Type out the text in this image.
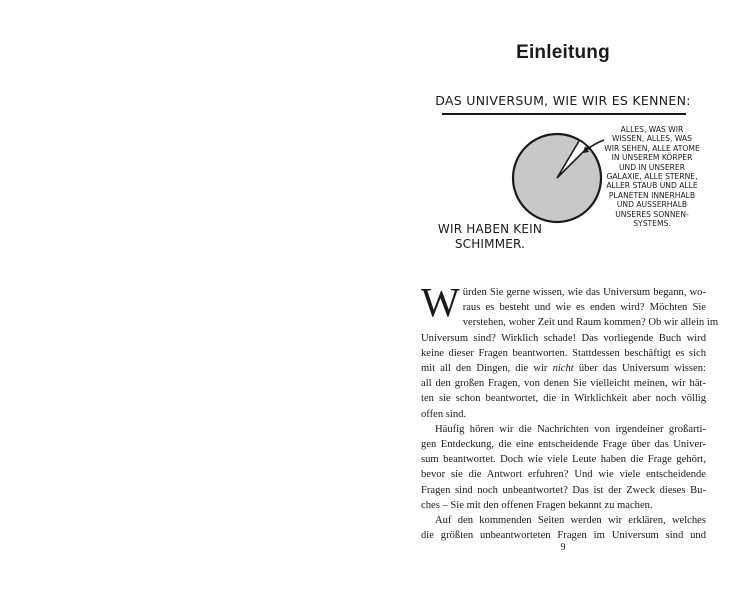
Einleitung
DAS UNIVERSUM, WIE WIR ES KENNEN:
ALLES, WAS WIR
WISSEN, ALLES, WAS
WIR SEHEN, ALLE ATOME
IN UNSEREM KÖRPER
UND IN UNSERER
GALAXIE, ALLE STERNE,
ALLER STAUB UND ALLE
PLANETEN INNERHALB
UND AUSSERHALB
UNSERES SONNEN-
SYSTEMS.
WIR HABEN KEIN
SCHIMMER.

W ürden Sie gerne wissen, wie das Universum begann, wo-
raus es besteht und wie es enden wird? Möchten Sie
verstehen, woher Zeit und Raum kommen? Ob wir allein im
Universum sind? Wirklich schade! Das vorliegende Buch wird
keine dieser Fragen beantworten. Stattdessen beschäftigt es sich
mit all den Dingen, die wir nicht über das Universum wissen:
all den großen Fragen, von denen Sie vielleicht meinen, wir hät-
ten sie schon beantwortet, die in Wirklichkeit aber noch völlig
offen sind.

Häufig hören wir die Nachrichten von irgendeiner großarti-
gen Entdeckung, die eine entscheidende Frage über das Univer-
sum beantwortet. Doch wie viele Leute haben die Frage gehört,
bevor sie die Antwort erfuhren? Und wie viele entscheidende
Fragen sind noch unbeantwortet? Das ist der Zweck dieses Bu-
ches – Sie mit den offenen Fragen bekannt zu machen.

Auf den kommenden Seiten werden wir erklären, welches
die größten unbeantworteten Fragen im Universum sind und

9
